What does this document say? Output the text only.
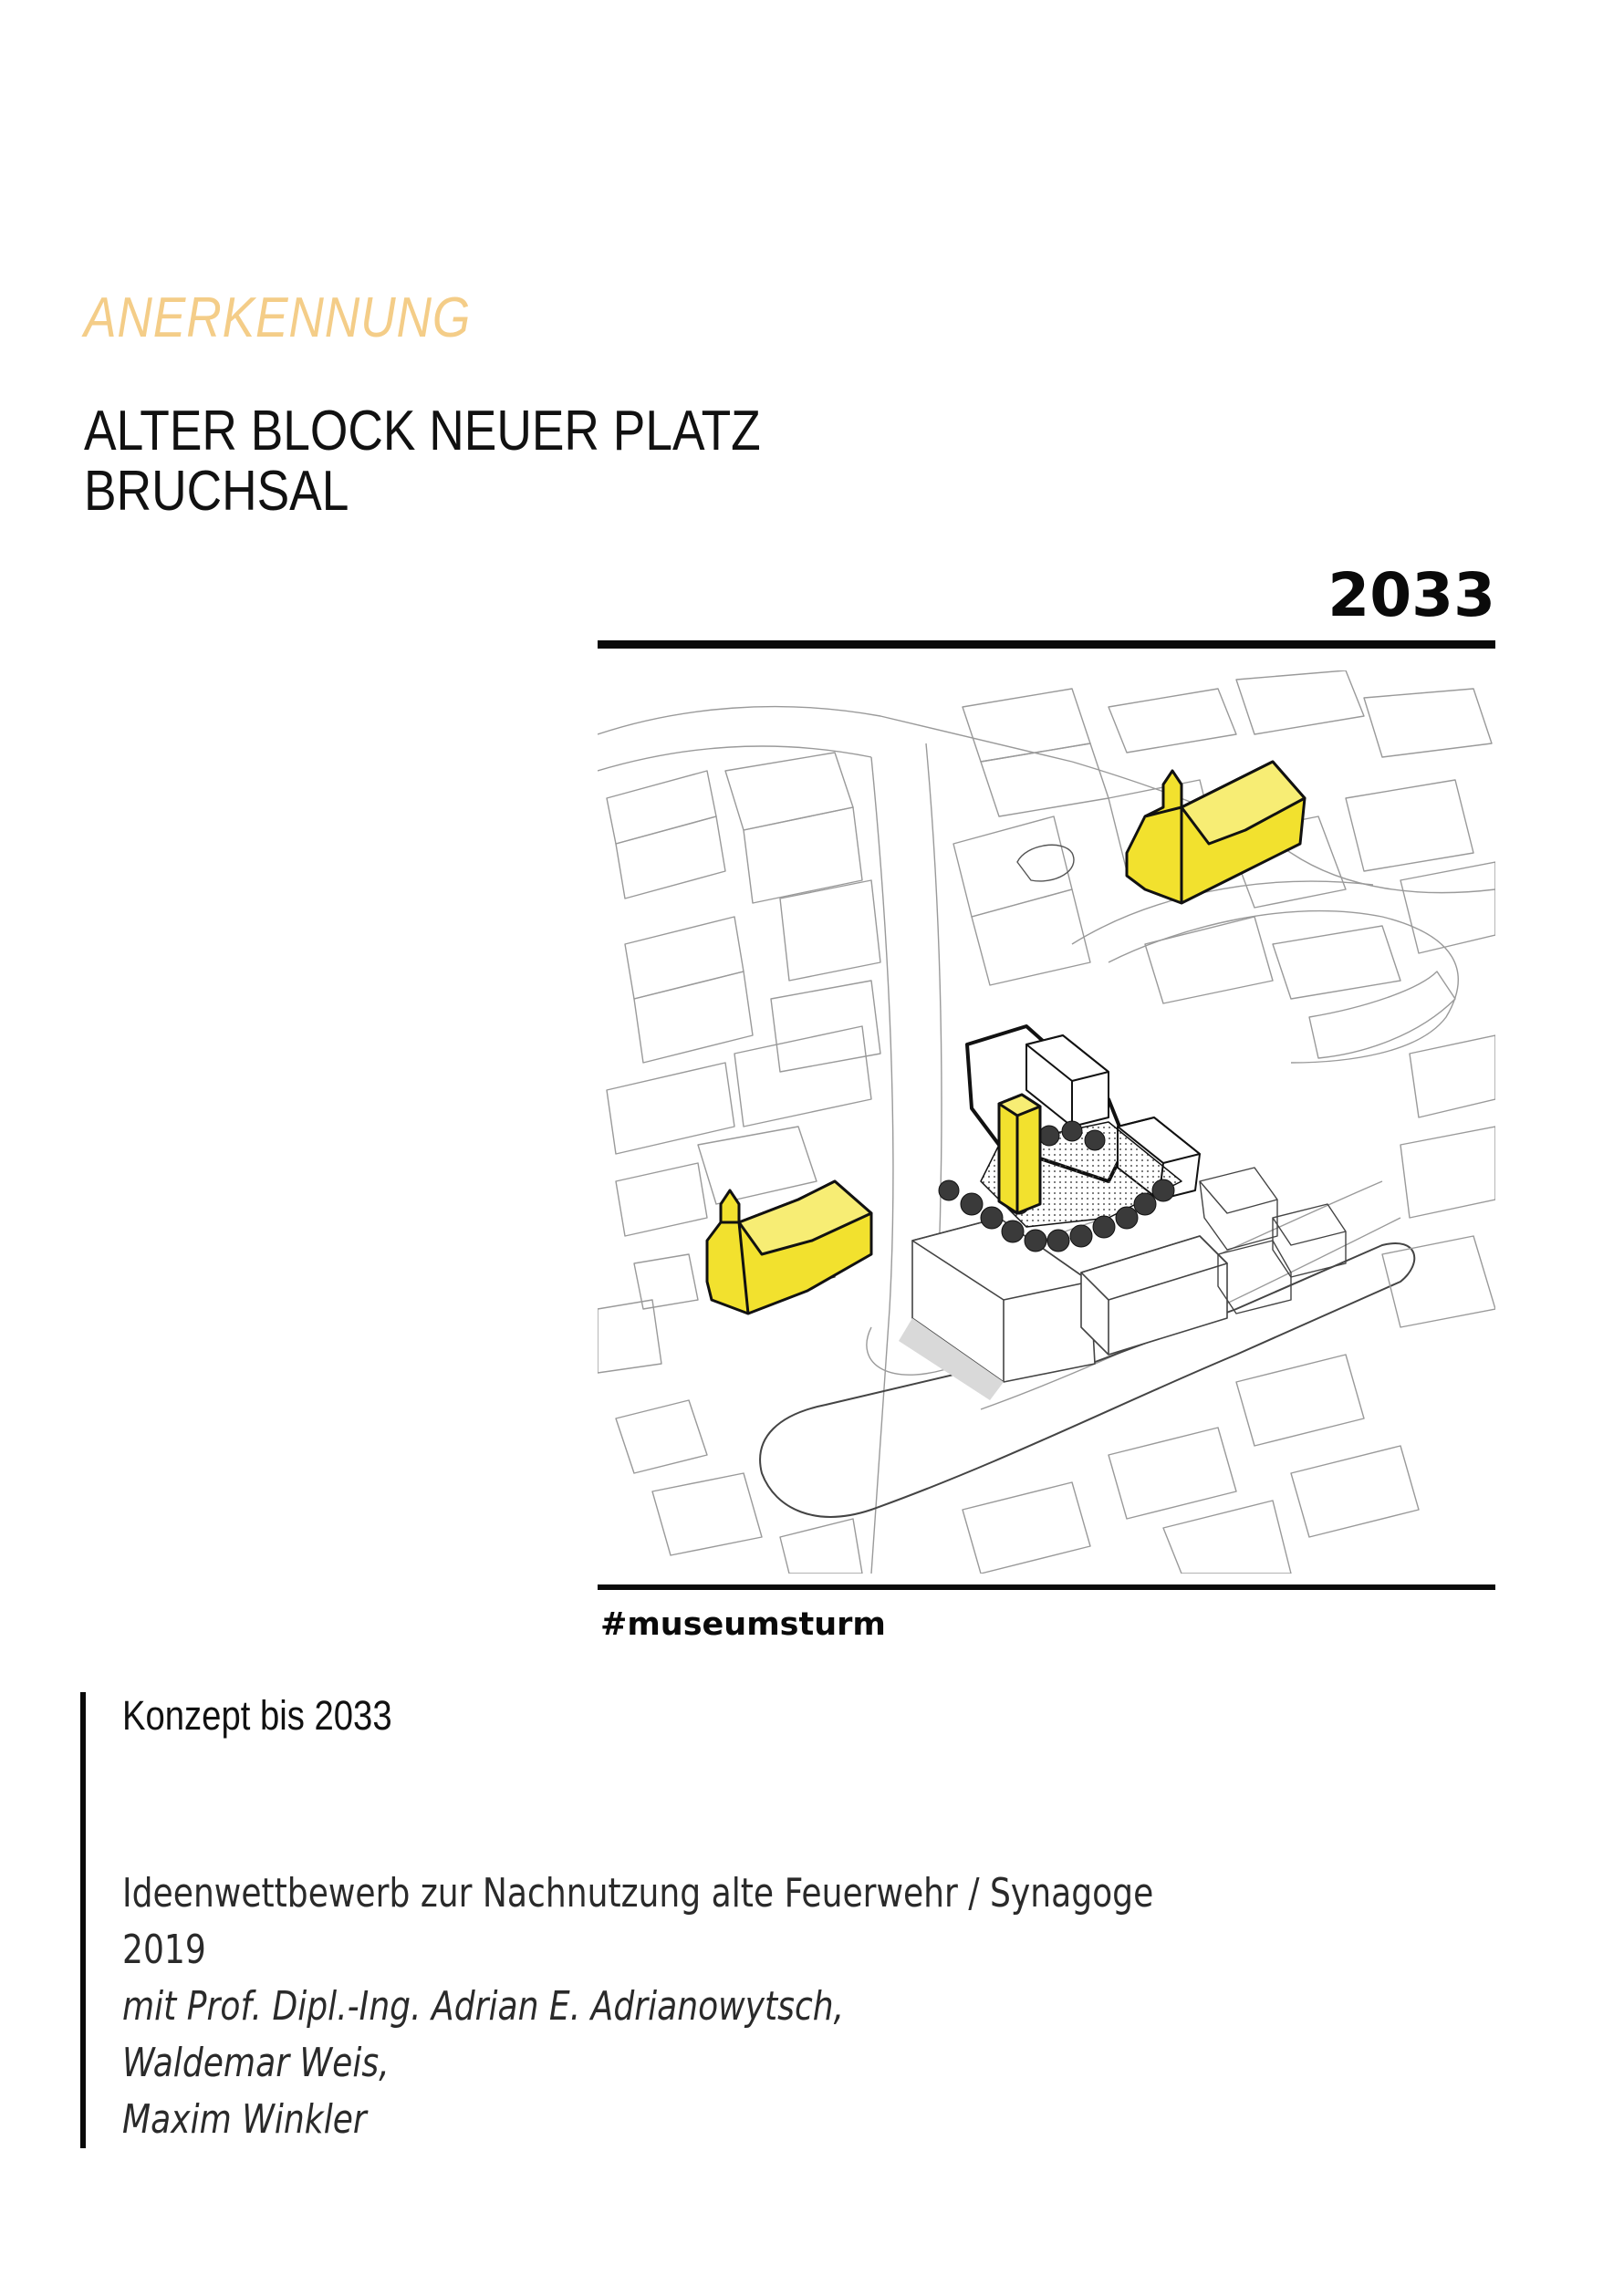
ANERKENNUNG
ALTER BLOCK NEUER PLATZ
BRUCHSAL
2033
#museumsturm
Konzept bis 2033
Ideenwettbewerb zur Nachnutzung alte Feuerwehr / Synagoge
2019
mit Prof. Dipl.-Ing. Adrian E. Adrianowytsch,
Waldemar Weis,
Maxim Winkler
